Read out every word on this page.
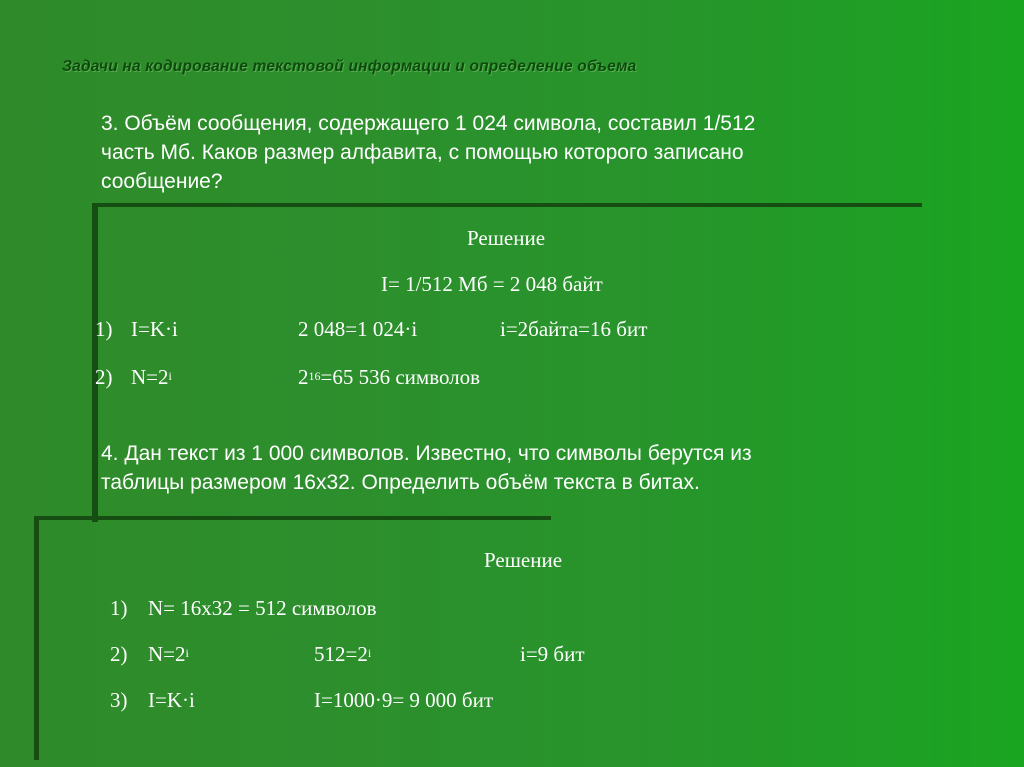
Задачи на кодирование текстовой информации и определение объема
3. Объём сообщения, содержащего 1 024 символа, составил 1/512
часть Мб. Каков размер алфавита, с помощью которого записано
сообщение?
Решение
I= 1/512 Мб = 2 048 байт
1) I=K·i	2 048=1 024·i	i=2байта=16 бит
2) $N=2^i$	$2^{16}=65$ 536 символов
4. Дан текст из 1 000 символов. Известно, что символы берутся из
таблицы размером 16х32. Определить объём текста в битах.
Решение
1) N= 16х32 = 512 символов
2) $N=2^i$	$512=2^i$	i=9 бит
3) I=K·i	I=1000·9= 9 000 бит
